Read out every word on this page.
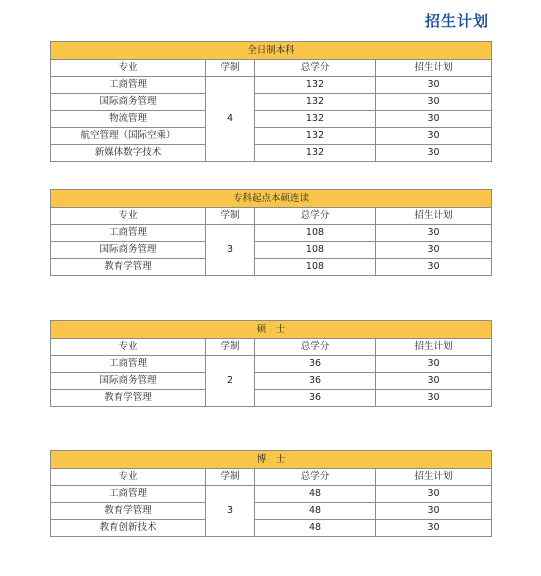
招生计划
全日制本科			
专业	学制	总学分	招生计划
工商管理	4	132	30
国际商务管理		132	30
物流管理		132	30
航空管理（国际空乘）		132	30
新媒体数字技术		132	30
专科起点本硕连读			
专业	学制	总学分	招生计划
工商管理	3	108	30
国际商务管理		108	30
教育学管理		108	30
硕　士			
专业	学制	总学分	招生计划
工商管理	2	36	30
国际商务管理		36	30
教育学管理		36	30
博　士			
专业	学制	总学分	招生计划
工商管理	3	48	30
教育学管理		48	30
教育创新技术		48	30
